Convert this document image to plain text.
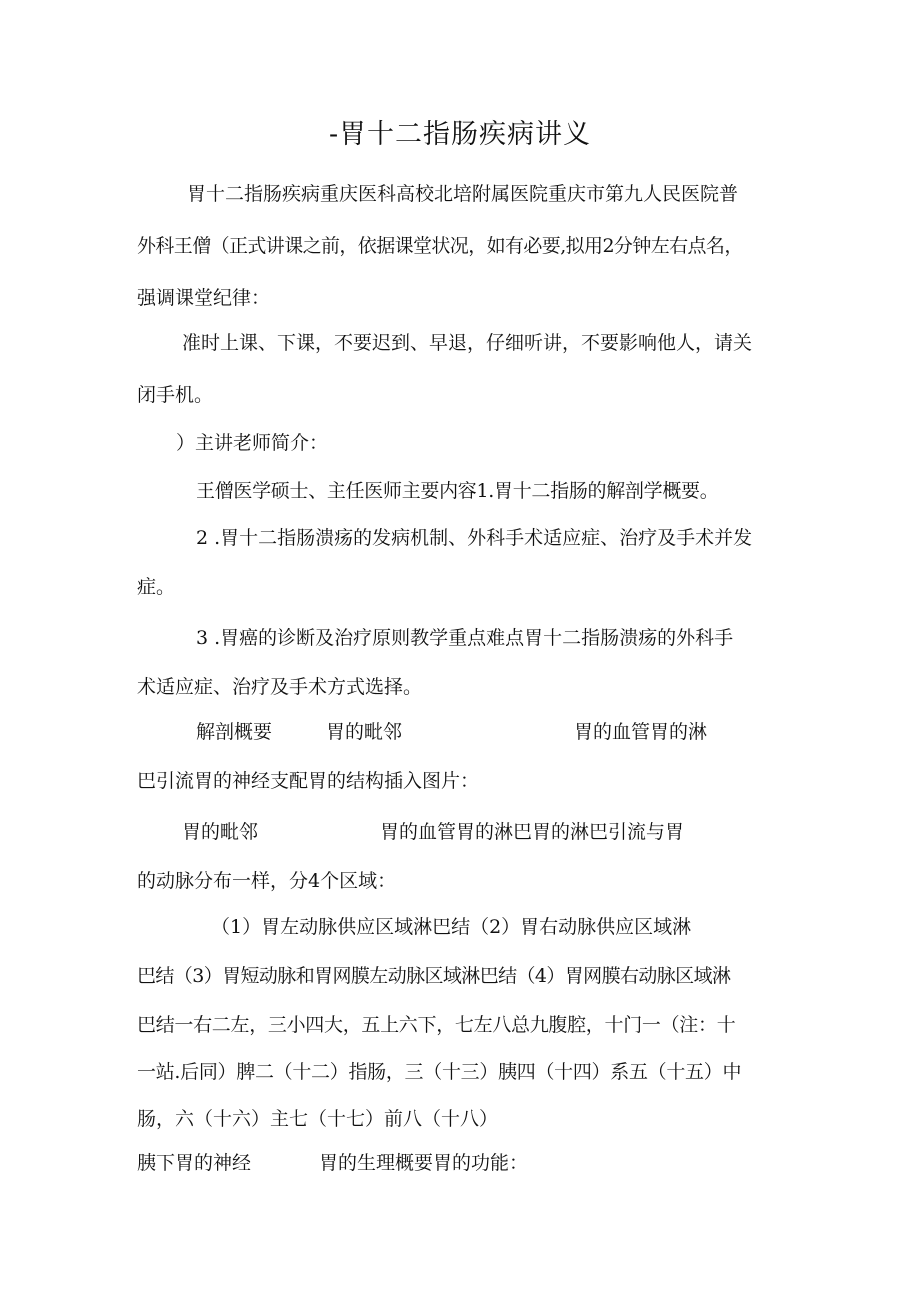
-胃十二指肠疾病讲义
胃十二指肠疾病重庆医科高校北培附属医院重庆市第九人民医院普
外科王僧（正式讲课之前，依据课堂状况，如有必要,拟用2分钟左右点名，
强调课堂纪律：
准时上课、下课，不要迟到、早退，仔细听讲，不要影响他人，请关
闭手机。
）主讲老师简介：
王僧医学硕士、主任医师主要内容1.胃十二指肠的解剖学概要。
2 .胃十二指肠溃疡的发病机制、外科手术适应症、治疗及手术并发
症。
3 .胃癌的诊断及治疗原则教学重点难点胃十二指肠溃疡的外科手
术适应症、治疗及手术方式选择。
解剖概要	胃的毗邻	胃的血管胃的淋
巴引流胃的神经支配胃的结构插入图片：
胃的毗邻	胃的血管胃的淋巴胃的淋巴引流与胃
的动脉分布一样，分4个区域：
（1）胃左动脉供应区域淋巴结（2）胃右动脉供应区域淋
巴结（3）胃短动脉和胃网膜左动脉区域淋巴结（4）胃网膜右动脉区域淋
巴结一右二左，三小四大，五上六下，七左八总九腹腔，十门一（注：十
一站.后同）脾二（十二）指肠，三（十三）胰四（十四）系五（十五）中
肠，六（十六）主七（十七）前八（十八）
胰下胃的神经	胃的生理概要胃的功能：
